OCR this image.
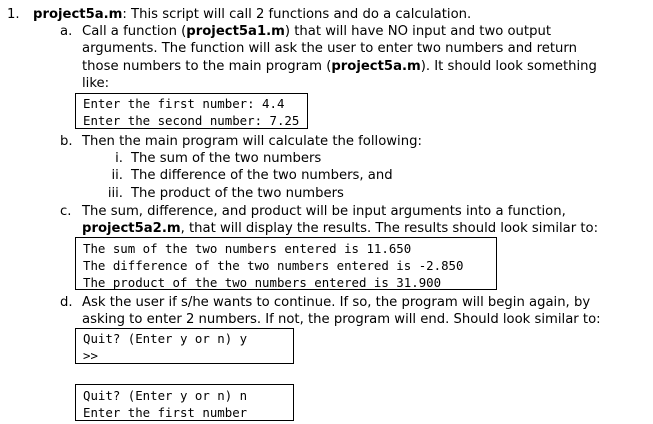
1. project5a.m: This script will call 2 functions and do a calculation.
a. Call a function (project5a1.m) that will have NO input and two output
arguments. The function will ask the user to enter two numbers and return
those numbers to the main program (project5a.m). It should look something
like:
Enter the first number: 4.4
Enter the second number: 7.25
b. Then the main program will calculate the following:
i. The sum of the two numbers
ii. The difference of the two numbers, and
iii. The product of the two numbers
c. The sum, difference, and product will be input arguments into a function,
project5a2.m, that will display the results. The results should look similar to:
The sum of the two numbers entered is 11.650
The difference of the two numbers entered is -2.850
The product of the two numbers entered is 31.900
d. Ask the user if s/he wants to continue. If so, the program will begin again, by
asking to enter 2 numbers. If not, the program will end. Should look similar to:
Quit? (Enter y or n) y
>>
Quit? (Enter y or n) n
Enter the first number
